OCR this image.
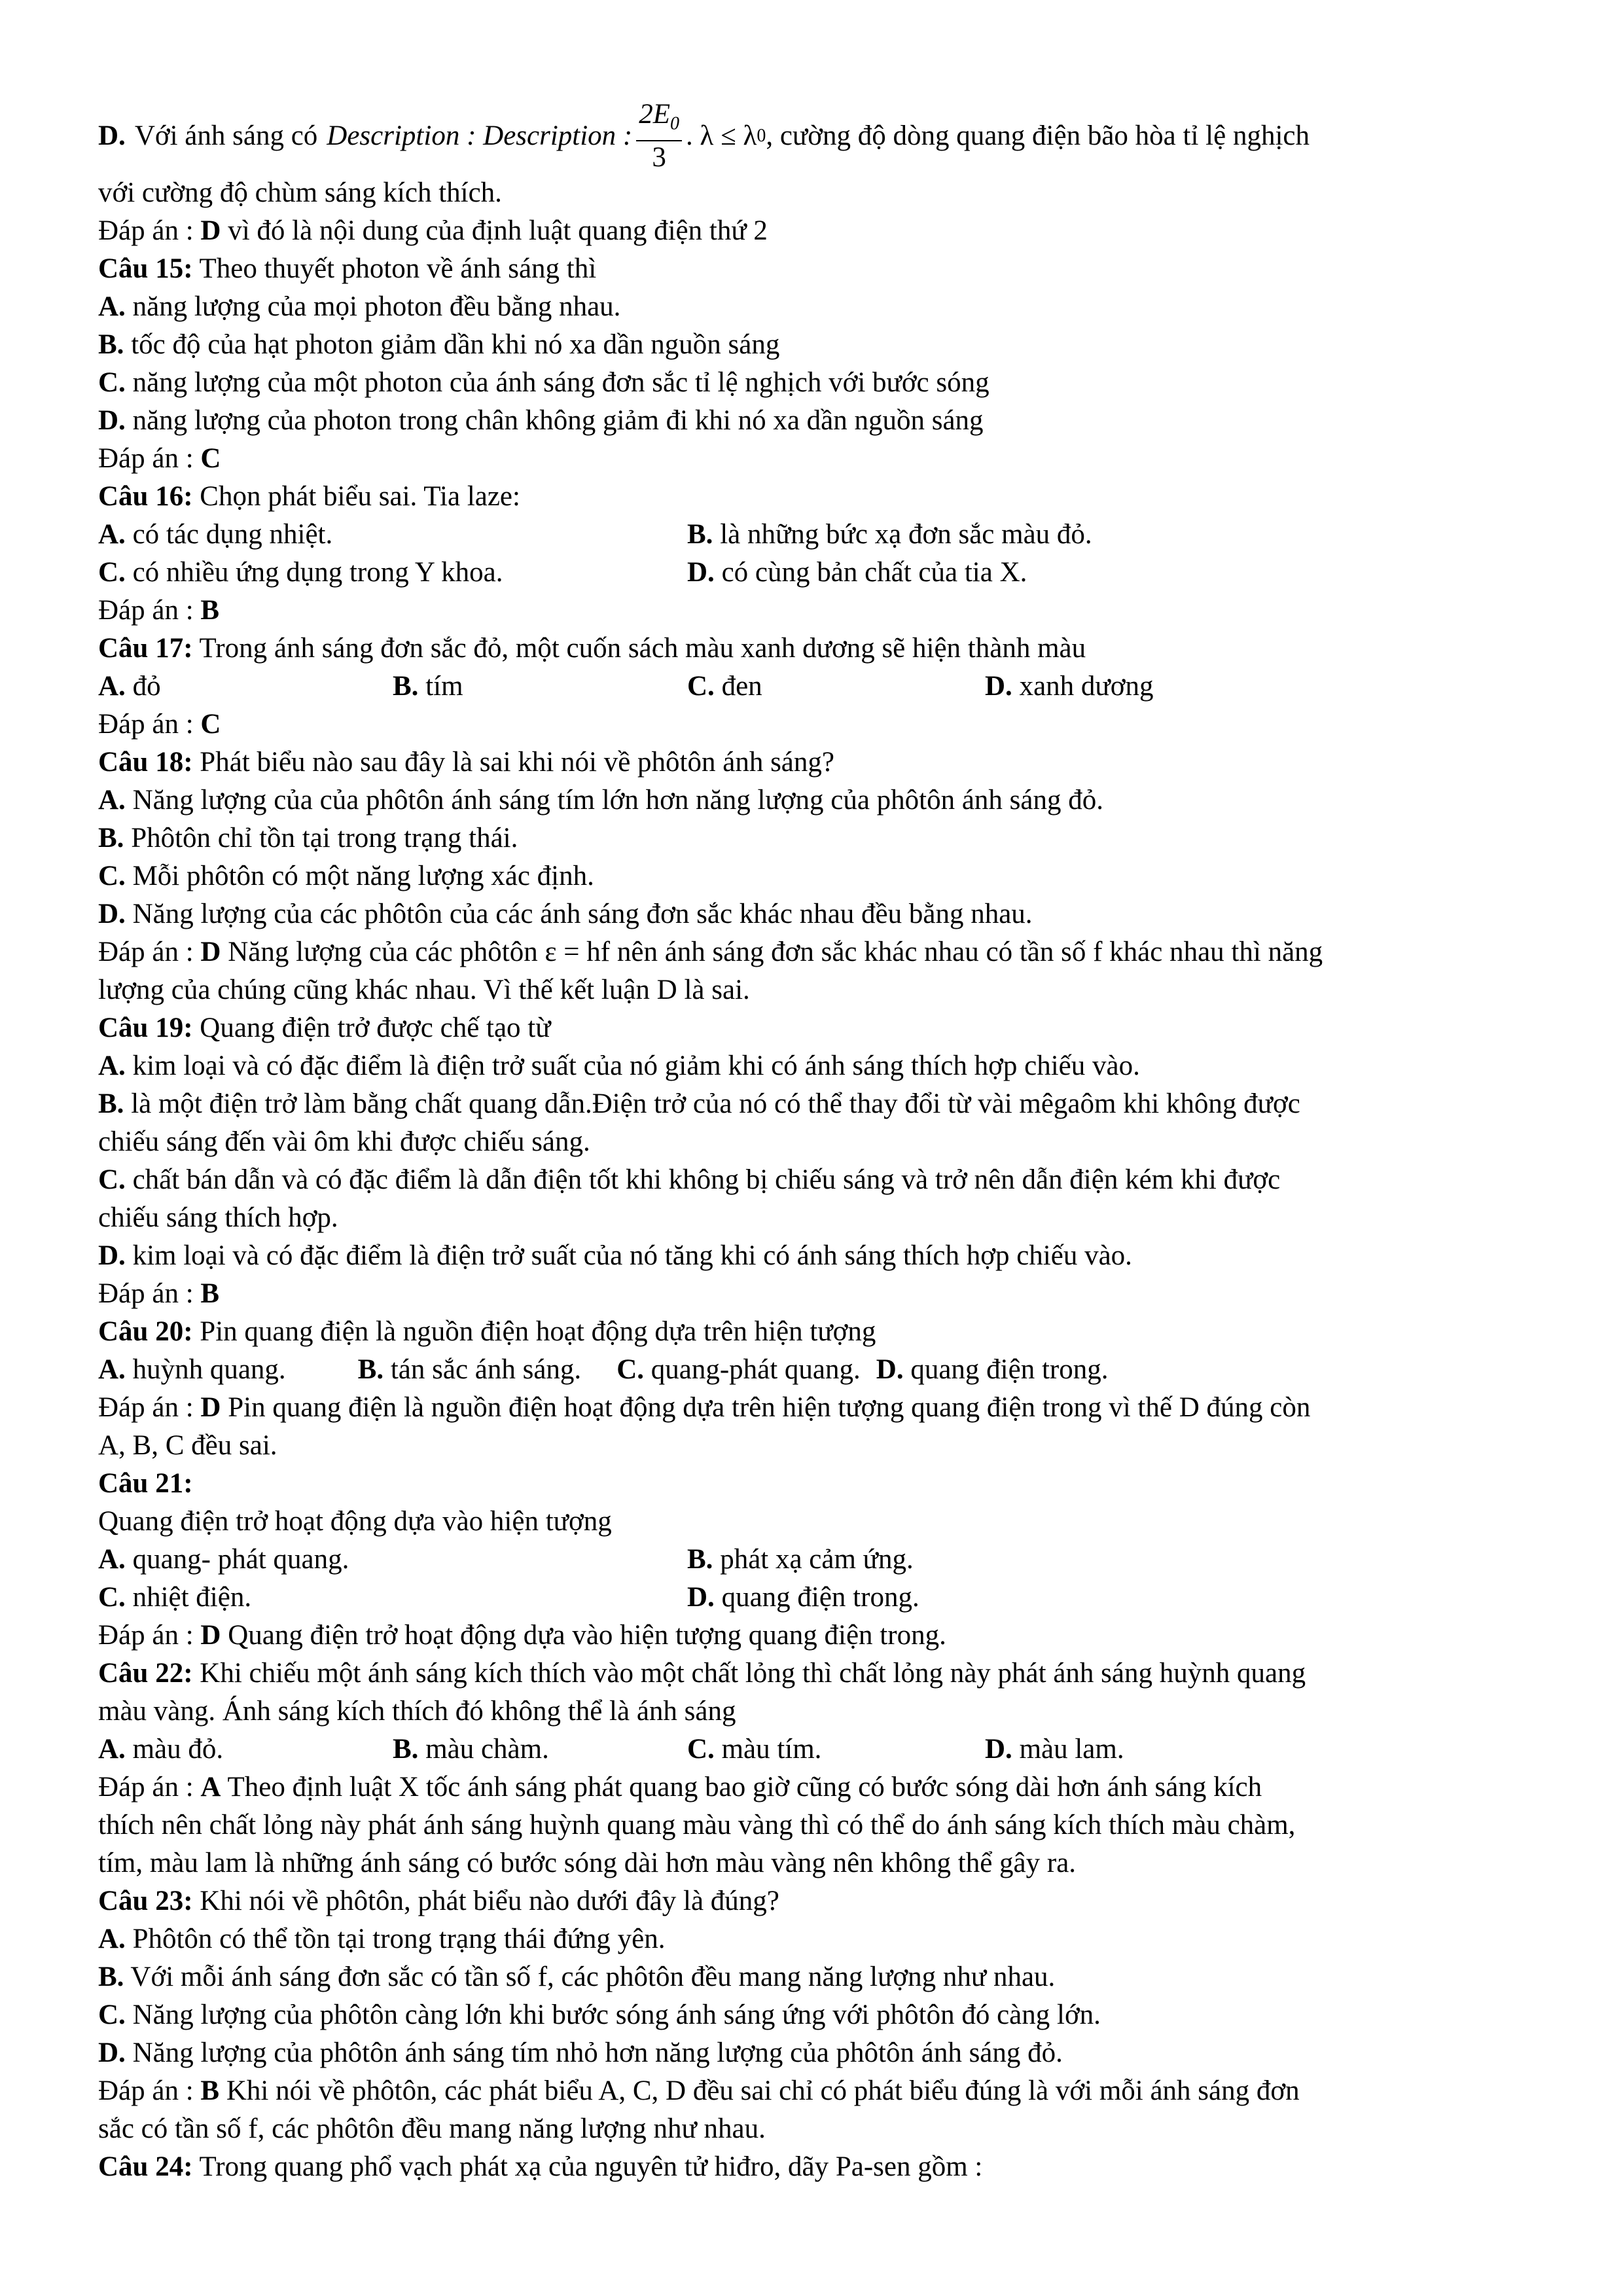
D. Với ánh sáng có Description : Description : $\frac{2E_0}{3}$ . λ ≤ λ 0 , cường độ dòng quang điện bão hòa tỉ lệ nghịch
với cường độ chùm sáng kích thích.
Đáp án : D vì đó là nội dung của định luật quang điện thứ 2
Câu 15: Theo thuyết photon về ánh sáng thì
A. năng lượng của mọi photon đều bằng nhau.
B. tốc độ của hạt photon giảm dần khi nó xa dần nguồn sáng
C. năng lượng của một photon của ánh sáng đơn sắc tỉ lệ nghịch với bước sóng
D. năng lượng của photon trong chân không giảm đi khi nó xa dần nguồn sáng
Đáp án : C
Câu 16: Chọn phát biểu sai. Tia laze:
A. có tác dụng nhiệt.	B. là những bức xạ đơn sắc màu đỏ.
C. có nhiều ứng dụng trong Y khoa.	D. có cùng bản chất của tia X.
Đáp án : B
Câu 17: Trong ánh sáng đơn sắc đỏ, một cuốn sách màu xanh dương sẽ hiện thành màu
A. đỏ	B. tím	C. đen	D. xanh dương
Đáp án : C
Câu 18: Phát biểu nào sau đây là sai khi nói về phôtôn ánh sáng?
A. Năng lượng của của phôtôn ánh sáng tím lớn hơn năng lượng của phôtôn ánh sáng đỏ.
B. Phôtôn chỉ tồn tại trong trạng thái.
C. Mỗi phôtôn có một năng lượng xác định.
D. Năng lượng của các phôtôn của các ánh sáng đơn sắc khác nhau đều bằng nhau.
Đáp án : D Năng lượng của các phôtôn ε = hf nên ánh sáng đơn sắc khác nhau có tần số f khác nhau thì năng
lượng của chúng cũng khác nhau. Vì thế kết luận D là sai.
Câu 19: Quang điện trở được chế tạo từ
A. kim loại và có đặc điểm là điện trở suất của nó giảm khi có ánh sáng thích hợp chiếu vào.
B. là một điện trở làm bằng chất quang dẫn.Điện trở của nó có thể thay đổi từ vài mêgaôm khi không được
chiếu sáng đến vài ôm khi được chiếu sáng.
C. chất bán dẫn và có đặc điểm là dẫn điện tốt khi không bị chiếu sáng và trở nên dẫn điện kém khi được
chiếu sáng thích hợp.
D. kim loại và có đặc điểm là điện trở suất của nó tăng khi có ánh sáng thích hợp chiếu vào.
Đáp án : B
Câu 20: Pin quang điện là nguồn điện hoạt động dựa trên hiện tượng
A. huỳnh quang.	B. tán sắc ánh sáng. C. quang-phát quang. D. quang điện trong.
Đáp án : D Pin quang điện là nguồn điện hoạt động dựa trên hiện tượng quang điện trong vì thế D đúng còn
A, B, C đều sai.
Câu 21:
Quang điện trở hoạt động dựa vào hiện tượng
A. quang- phát quang.	B. phát xạ cảm ứng.
C. nhiệt điện.	D. quang điện trong.
Đáp án : D Quang điện trở hoạt động dựa vào hiện tượng quang điện trong.
Câu 22: Khi chiếu một ánh sáng kích thích vào một chất lỏng thì chất lỏng này phát ánh sáng huỳnh quang
màu vàng. Ánh sáng kích thích đó không thể là ánh sáng
A. màu đỏ.	B. màu chàm.	C. màu tím.	D. màu lam.
Đáp án : A Theo định luật X tốc ánh sáng phát quang bao giờ cũng có bước sóng dài hơn ánh sáng kích
thích nên chất lỏng này phát ánh sáng huỳnh quang màu vàng thì có thể do ánh sáng kích thích màu chàm,
tím, màu lam là những ánh sáng có bước sóng dài hơn màu vàng nên không thể gây ra.
Câu 23: Khi nói về phôtôn, phát biểu nào dưới đây là đúng?
A. Phôtôn có thể tồn tại trong trạng thái đứng yên.
B. Với mỗi ánh sáng đơn sắc có tần số f, các phôtôn đều mang năng lượng như nhau.
C. Năng lượng của phôtôn càng lớn khi bước sóng ánh sáng ứng với phôtôn đó càng lớn.
D. Năng lượng của phôtôn ánh sáng tím nhỏ hơn năng lượng của phôtôn ánh sáng đỏ.
Đáp án : B Khi nói về phôtôn, các phát biểu A, C, D đều sai chỉ có phát biểu đúng là với mỗi ánh sáng đơn
sắc có tần số f, các phôtôn đều mang năng lượng như nhau.
Câu 24: Trong quang phổ vạch phát xạ của nguyên tử hiđro, dãy Pa-sen gồm :
